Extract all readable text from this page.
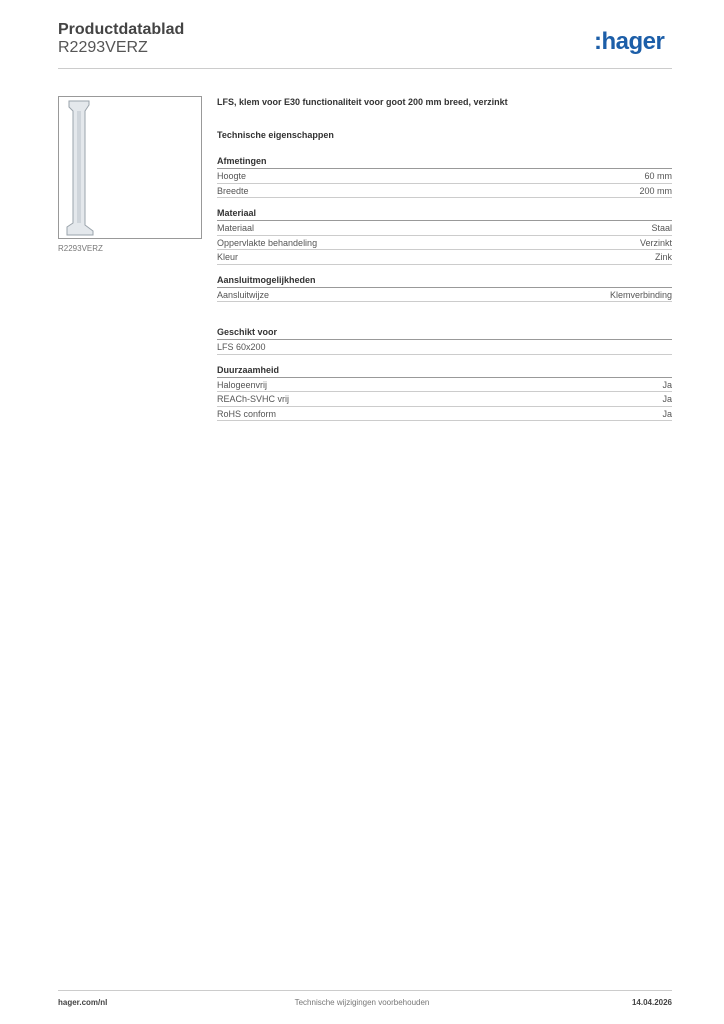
Productdatablad
R2293VERZ	:hager
R2293VERZ
LFS, klem voor E30 functionaliteit voor goot 200 mm breed, verzinkt
Technische eigenschappen
Afmetingen
Hoogte	60 mm
Breedte	200 mm
Materiaal
Materiaal	Staal
Oppervlakte behandeling	Verzinkt
Kleur	Zink
Aansluitmogelijkheden
Aansluitwijze	Klemverbinding
Geschikt voor
LFS 60x200
Duurzaamheid
Halogeenvrij	Ja
REACh-SVHC vrij	Ja
RoHS conform	Ja
hager.com/nl	Technische wijzigingen voorbehouden	14.04.2026
